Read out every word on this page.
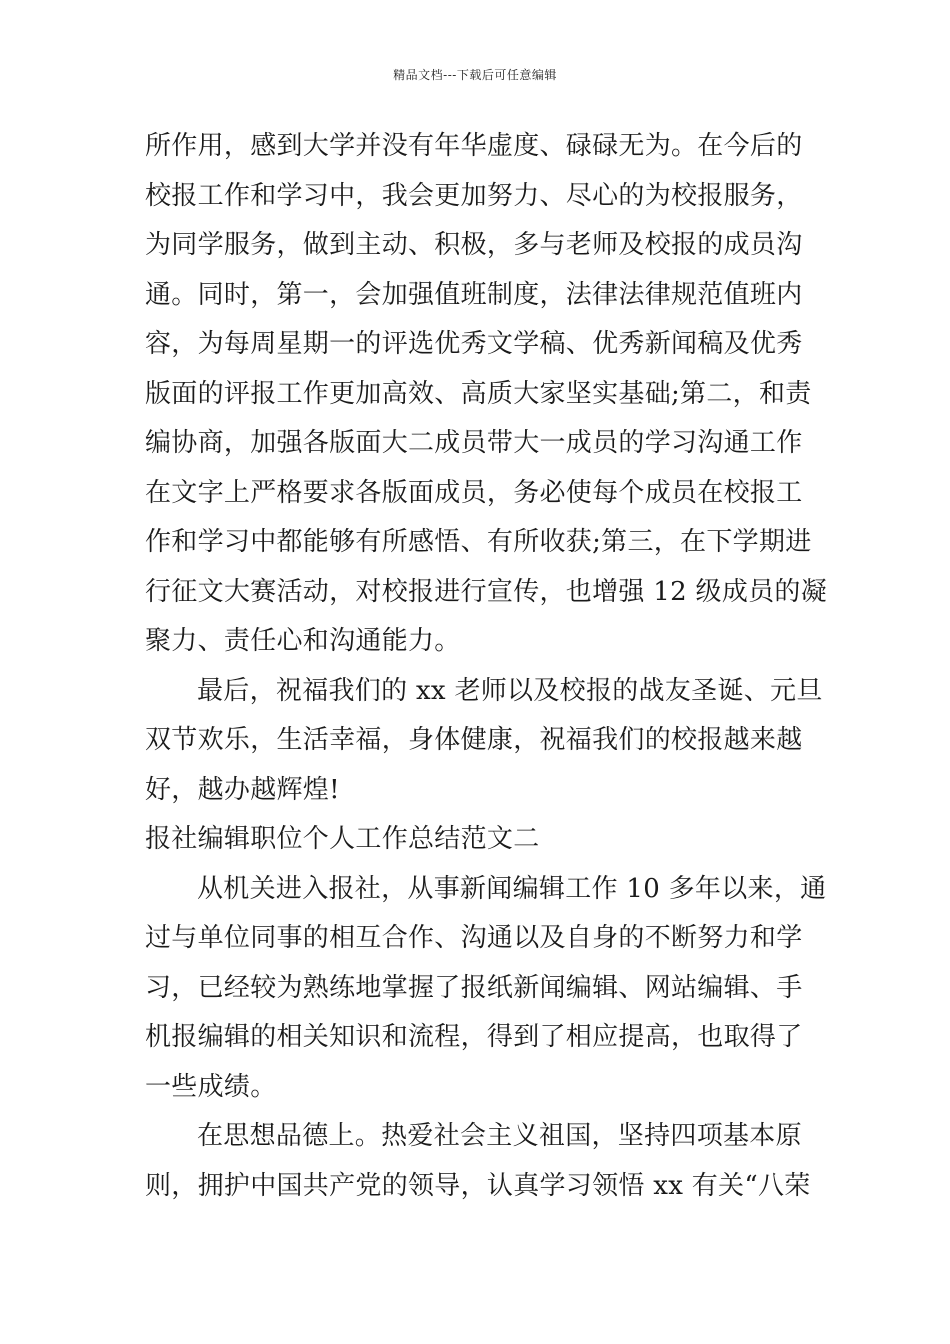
精品文档---下载后可任意编辑
所作用，感到大学并没有年华虚度、碌碌无为。在今后的
校报工作和学习中，我会更加努力、尽心的为校报服务，
为同学服务，做到主动、积极，多与老师及校报的成员沟
通。同时，第一，会加强值班制度，法律法律规范值班内
容，为每周星期一的评选优秀文学稿、优秀新闻稿及优秀
版面的评报工作更加高效、高质大家坚实基础;第二，和责
编协商，加强各版面大二成员带大一成员的学习沟通工作
在文字上严格要求各版面成员，务必使每个成员在校报工
作和学习中都能够有所感悟、有所收获;第三，在下学期进
行征文大赛活动，对校报进行宣传，也增强 12 级成员的凝
聚力、责任心和沟通能力。
最后，祝福我们的 xx 老师以及校报的战友圣诞、元旦
双节欢乐，生活幸福，身体健康，祝福我们的校报越来越
好，越办越辉煌!
报社编辑职位个人工作总结范文二
从机关进入报社，从事新闻编辑工作 10 多年以来，通
过与单位同事的相互合作、沟通以及自身的不断努力和学
习，已经较为熟练地掌握了报纸新闻编辑、网站编辑、手
机报编辑的相关知识和流程，得到了相应提高，也取得了
一些成绩。
在思想品德上。热爱社会主义祖国，坚持四项基本原
则，拥护中国共产党的领导，认真学习领悟 xx 有关“八荣
